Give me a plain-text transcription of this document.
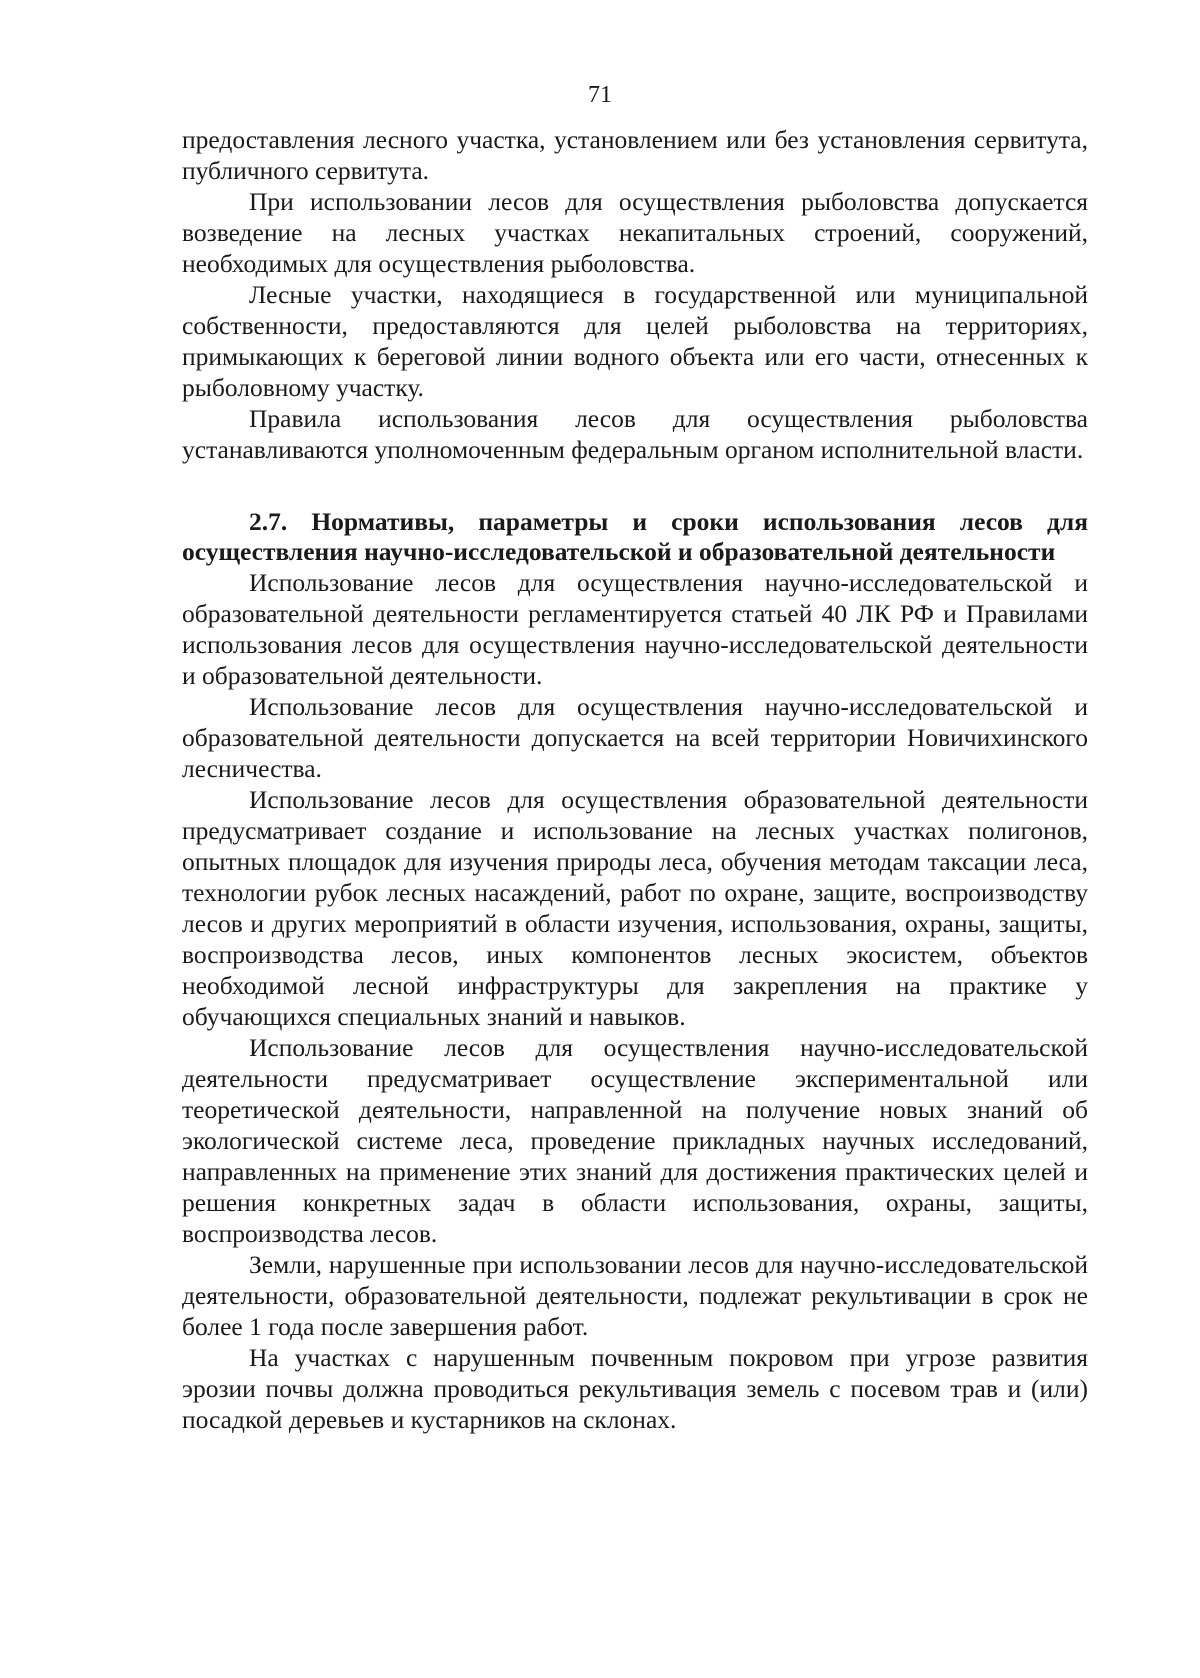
71

предоставления лесного участка, установлением или без установления сервитута, публичного сервитута.

При использовании лесов для осуществления рыболовства допускается возведение на лесных участках некапитальных строений, сооружений, необходимых для осуществления рыболовства.

Лесные участки, находящиеся в государственной или муниципальной собственности, предоставляются для целей рыболовства на территориях, примыкающих к береговой линии водного объекта или его части, отнесенных к рыболовному участку.

Правила использования лесов для осуществления рыболовства устанавливаются уполномоченным федеральным органом исполнительной власти.

2.7. Нормативы, параметры и сроки использования лесов для осуществления научно-исследовательской и образовательной деятельности

Использование лесов для осуществления научно-исследовательской и образовательной деятельности регламентируется статьей 40 ЛК РФ и Правилами использования лесов для осуществления научно-исследовательской деятельности и образовательной деятельности.

Использование лесов для осуществления научно-исследовательской и образовательной деятельности допускается на всей территории Новичихинского лесничества.

Использование лесов для осуществления образовательной деятельности предусматривает создание и использование на лесных участках полигонов, опытных площадок для изучения природы леса, обучения методам таксации леса, технологии рубок лесных насаждений, работ по охране, защите, воспроизводству лесов и других мероприятий в области изучения, использования, охраны, защиты, воспроизводства лесов, иных компонентов лесных экосистем, объектов необходимой лесной инфраструктуры для закрепления на практике у обучающихся специальных знаний и навыков.

Использование лесов для осуществления научно-исследовательской деятельности предусматривает осуществление экспериментальной или теоретической деятельности, направленной на получение новых знаний об экологической системе леса, проведение прикладных научных исследований, направленных на применение этих знаний для достижения практических целей и решения конкретных задач в области использования, охраны, защиты, воспроизводства лесов.

Земли, нарушенные при использовании лесов для научно-исследовательской деятельности, образовательной деятельности, подлежат рекультивации в срок не более 1 года после завершения работ.

На участках с нарушенным почвенным покровом при угрозе развития эрозии почвы должна проводиться рекультивация земель с посевом трав и (или) посадкой деревьев и кустарников на склонах.
